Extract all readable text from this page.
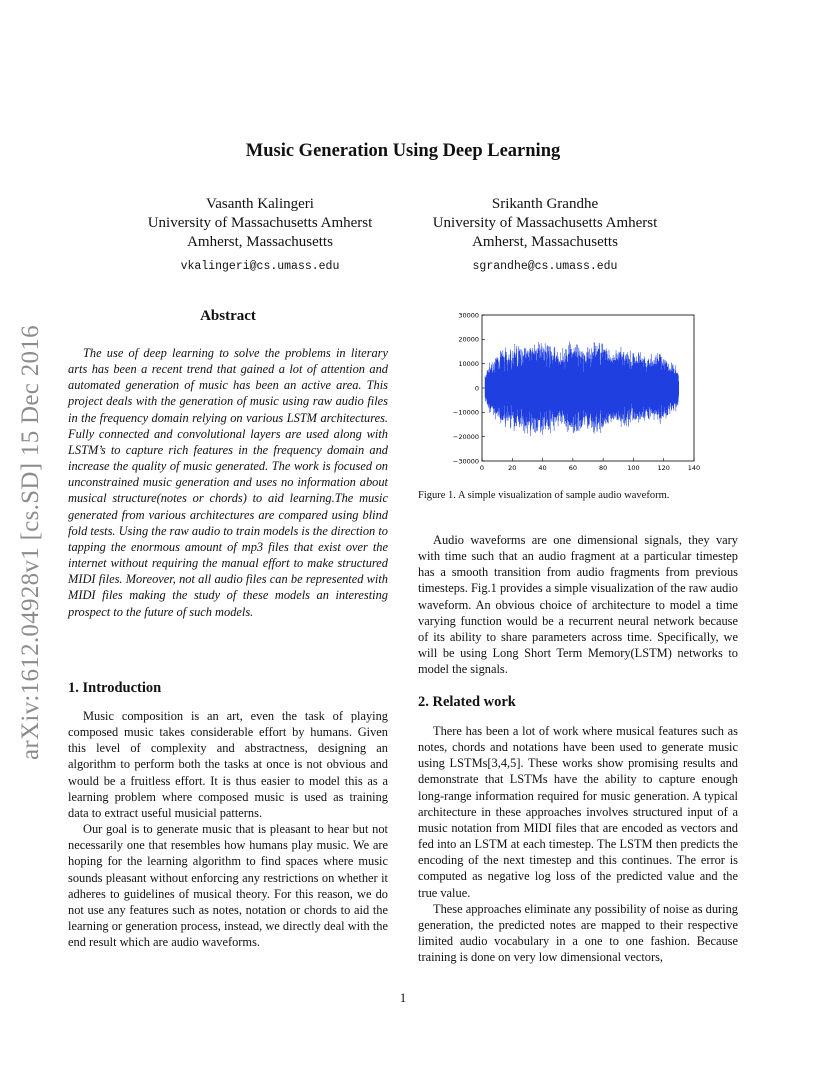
arXiv:1612.04928v1 [cs.SD] 15 Dec 2016
Music Generation Using Deep Learning
Vasanth Kalingeri
University of Massachusetts Amherst
Amherst, Massachusetts
vkalingeri@cs.umass.edu
Srikanth Grandhe
University of Massachusetts Amherst
Amherst, Massachusetts
sgrandhe@cs.umass.edu
Abstract

The use of deep learning to solve the problems in literary arts has been a recent trend that gained a lot of attention and automated generation of music has been an active area. This project deals with the generation of music using raw audio files in the frequency domain relying on various LSTM architectures. Fully connected and convolutional layers are used along with LSTM’s to capture rich features in the frequency domain and increase the quality of music generated. The work is focused on unconstrained music generation and uses no information about musical structure(notes or chords) to aid learning.The music generated from various architectures are compared using blind fold tests. Using the raw audio to train models is the direction to tapping the enormous amount of mp3 files that exist over the internet without requiring the manual effort to make structured MIDI files. Moreover, not all audio files can be represented with MIDI files making the study of these models an interesting prospect to the future of such models.

1. Introduction

Music composition is an art, even the task of playing composed music takes considerable effort by humans. Given this level of complexity and abstractness, designing an algorithm to perform both the tasks at once is not obvious and would be a fruitless effort. It is thus easier to model this as a learning problem where composed music is used as training data to extract useful musicial patterns.

Our goal is to generate music that is pleasant to hear but not necessarily one that resembles how humans play music. We are hoping for the learning algorithm to find spaces where music sounds pleasant without enforcing any restrictions on whether it adheres to guidelines of musical theory. For this reason, we do not use any features such as notes, notation or chords to aid the learning or generation process, instead, we directly deal with the end result which are audio waveforms.

0	20	40	60	80	100	120	140
30000
20000
10000
0
−10000
−20000
−30000
Figure 1. A simple visualization of sample audio waveform.

Audio waveforms are one dimensional signals, they vary with time such that an audio fragment at a particular timestep has a smooth transition from audio fragments from previous timesteps. Fig.1 provides a simple visualization of the raw audio waveform. An obvious choice of architecture to model a time varying function would be a recurrent neural network because of its ability to share parameters across time. Specifically, we will be using Long Short Term Memory(LSTM) networks to model the signals.

2. Related work

There has been a lot of work where musical features such as notes, chords and notations have been used to generate music using LSTMs[3,4,5]. These works show promising results and demonstrate that LSTMs have the ability to capture enough long-range information required for music generation. A typical architecture in these approaches involves structured input of a music notation from MIDI files that are encoded as vectors and fed into an LSTM at each timestep. The LSTM then predicts the encoding of the next timestep and this continues. The error is computed as negative log loss of the predicted value and the true value.

These approaches eliminate any possibility of noise as during generation, the predicted notes are mapped to their respective limited audio vocabulary in a one to one fashion. Because training is done on very low dimensional vectors,

1
